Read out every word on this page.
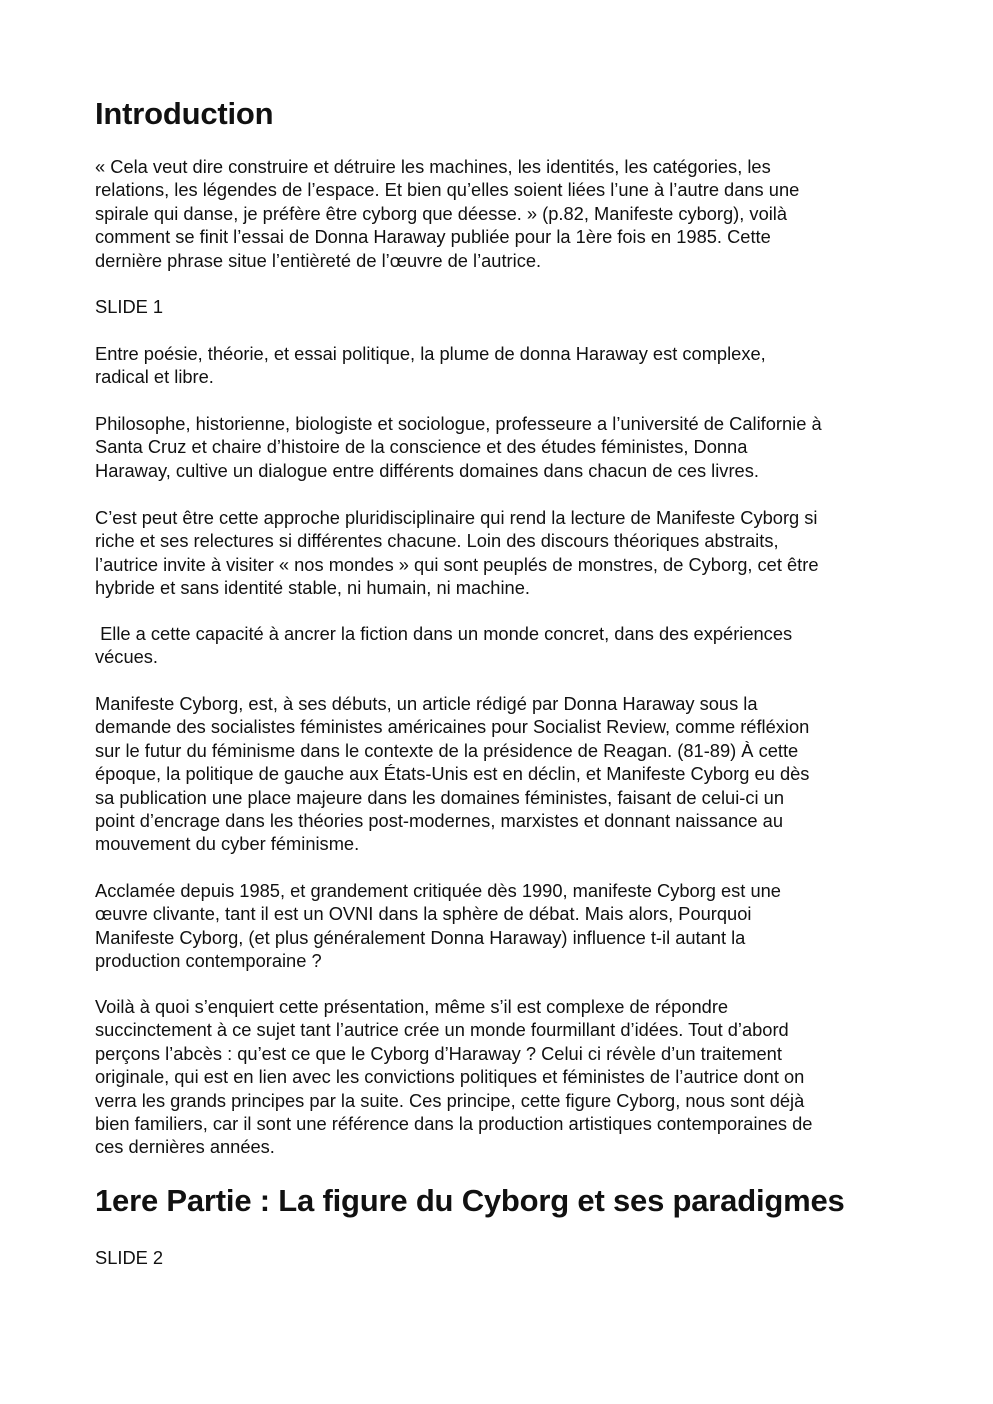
Introduction

« Cela veut dire construire et détruire les machines, les identités, les catégories, les
relations, les légendes de l’espace. Et bien qu’elles soient liées l’une à l’autre dans une
spirale qui danse, je préfère être cyborg que déesse. » (p.82, Manifeste cyborg), voilà
comment se finit l’essai de Donna Haraway publiée pour la 1ère fois en 1985. Cette
dernière phrase situe l’entièreté de l’œuvre de l’autrice.

SLIDE 1

Entre poésie, théorie, et essai politique, la plume de donna Haraway est complexe,
radical et libre.

Philosophe, historienne, biologiste et sociologue, professeure a l’université de Californie à
Santa Cruz et chaire d’histoire de la conscience et des études féministes, Donna
Haraway, cultive un dialogue entre différents domaines dans chacun de ces livres.

C’est peut être cette approche pluridisciplinaire qui rend la lecture de Manifeste Cyborg si
riche et ses relectures si différentes chacune. Loin des discours théoriques abstraits,
l’autrice invite à visiter « nos mondes » qui sont peuplés de monstres, de Cyborg, cet être
hybride et sans identité stable, ni humain, ni machine.

Elle a cette capacité à ancrer la fiction dans un monde concret, dans des expériences
vécues.

Manifeste Cyborg, est, à ses débuts, un article rédigé par Donna Haraway sous la
demande des socialistes féministes américaines pour Socialist Review, comme réfléxion
sur le futur du féminisme dans le contexte de la présidence de Reagan. (81-89) À cette
époque, la politique de gauche aux États-Unis est en déclin, et Manifeste Cyborg eu dès
sa publication une place majeure dans les domaines féministes, faisant de celui-ci un
point d’encrage dans les théories post-modernes, marxistes et donnant naissance au
mouvement du cyber féminisme.

Acclamée depuis 1985, et grandement critiquée dès 1990, manifeste Cyborg est une
œuvre clivante, tant il est un OVNI dans la sphère de débat. Mais alors, Pourquoi
Manifeste Cyborg, (et plus généralement Donna Haraway) influence t-il autant la
production contemporaine ?

Voilà à quoi s’enquiert cette présentation, même s’il est complexe de répondre
succinctement à ce sujet tant l’autrice crée un monde fourmillant d’idées. Tout d’abord
perçons l’abcès : qu’est ce que le Cyborg d’Haraway ? Celui ci révèle d’un traitement
originale, qui est en lien avec les convictions politiques et féministes de l’autrice dont on
verra les grands principes par la suite. Ces principe, cette figure Cyborg, nous sont déjà
bien familiers, car il sont une référence dans la production artistiques contemporaines de
ces dernières années.

1ere Partie : La figure du Cyborg et ses paradigmes

SLIDE 2
